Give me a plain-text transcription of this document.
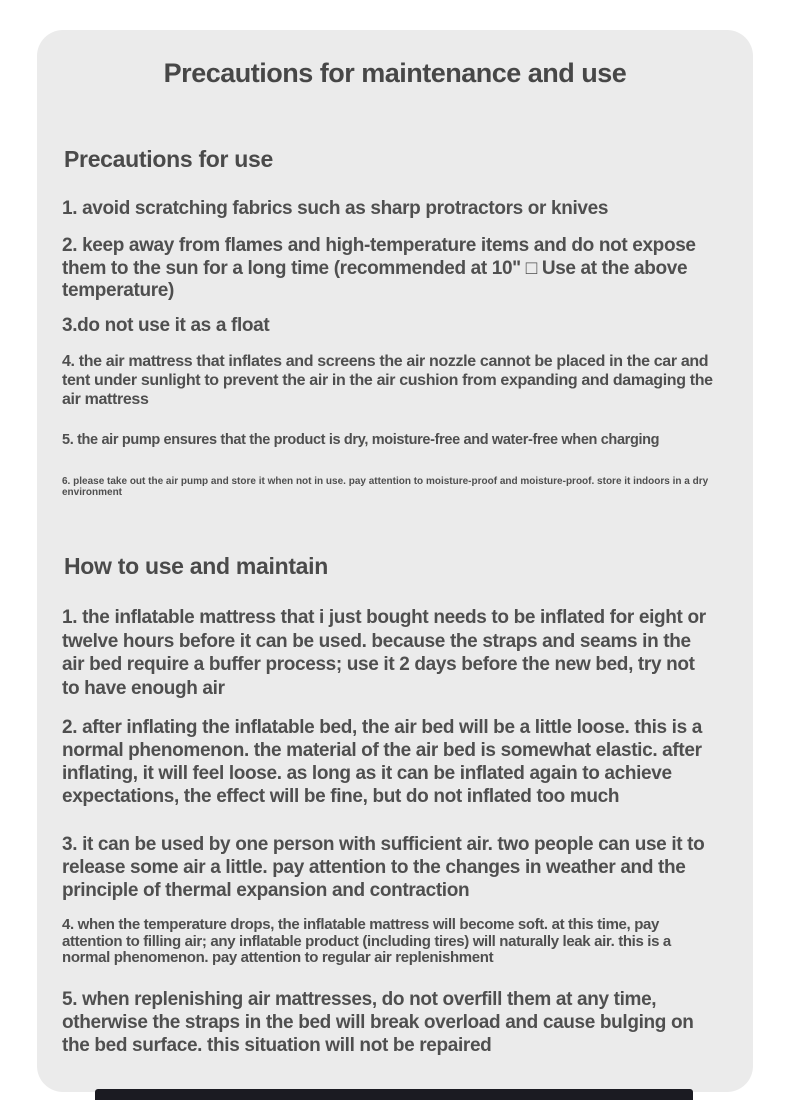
Precautions for maintenance and use
Precautions for use
1. avoid scratching fabrics such as sharp protractors or knives
2. keep away from flames and high-temperature items and do not expose them to the sun for a long time (recommended at 10" □ Use at the above temperature)
3.do not use it as a float
4. the air mattress that inflates and screens the air nozzle cannot be placed in the car and tent under sunlight to prevent the air in the air cushion from expanding and damaging the air mattress
5. the air pump ensures that the product is dry, moisture-free and water-free when charging
6. please take out the air pump and store it when not in use. pay attention to moisture-proof and moisture-proof. store it indoors in a dry environment
How to use and maintain
1. the inflatable mattress that i just bought needs to be inflated for eight or twelve hours before it can be used. because the straps and seams in the air bed require a buffer process; use it 2 days before the new bed, try not to have enough air
2. after inflating the inflatable bed, the air bed will be a little loose. this is a normal phenomenon. the material of the air bed is somewhat elastic. after inflating, it will feel loose. as long as it can be inflated again to achieve expectations, the effect will be fine, but do not inflated too much
3. it can be used by one person with sufficient air. two people can use it to release some air a little. pay attention to the changes in weather and the principle of thermal expansion and contraction
4. when the temperature drops, the inflatable mattress will become soft. at this time, pay attention to filling air; any inflatable product (including tires) will naturally leak air. this is a normal phenomenon. pay attention to regular air replenishment
5. when replenishing air mattresses, do not overfill them at any time, otherwise the straps in the bed will break overload and cause bulging on the bed surface. this situation will not be repaired
